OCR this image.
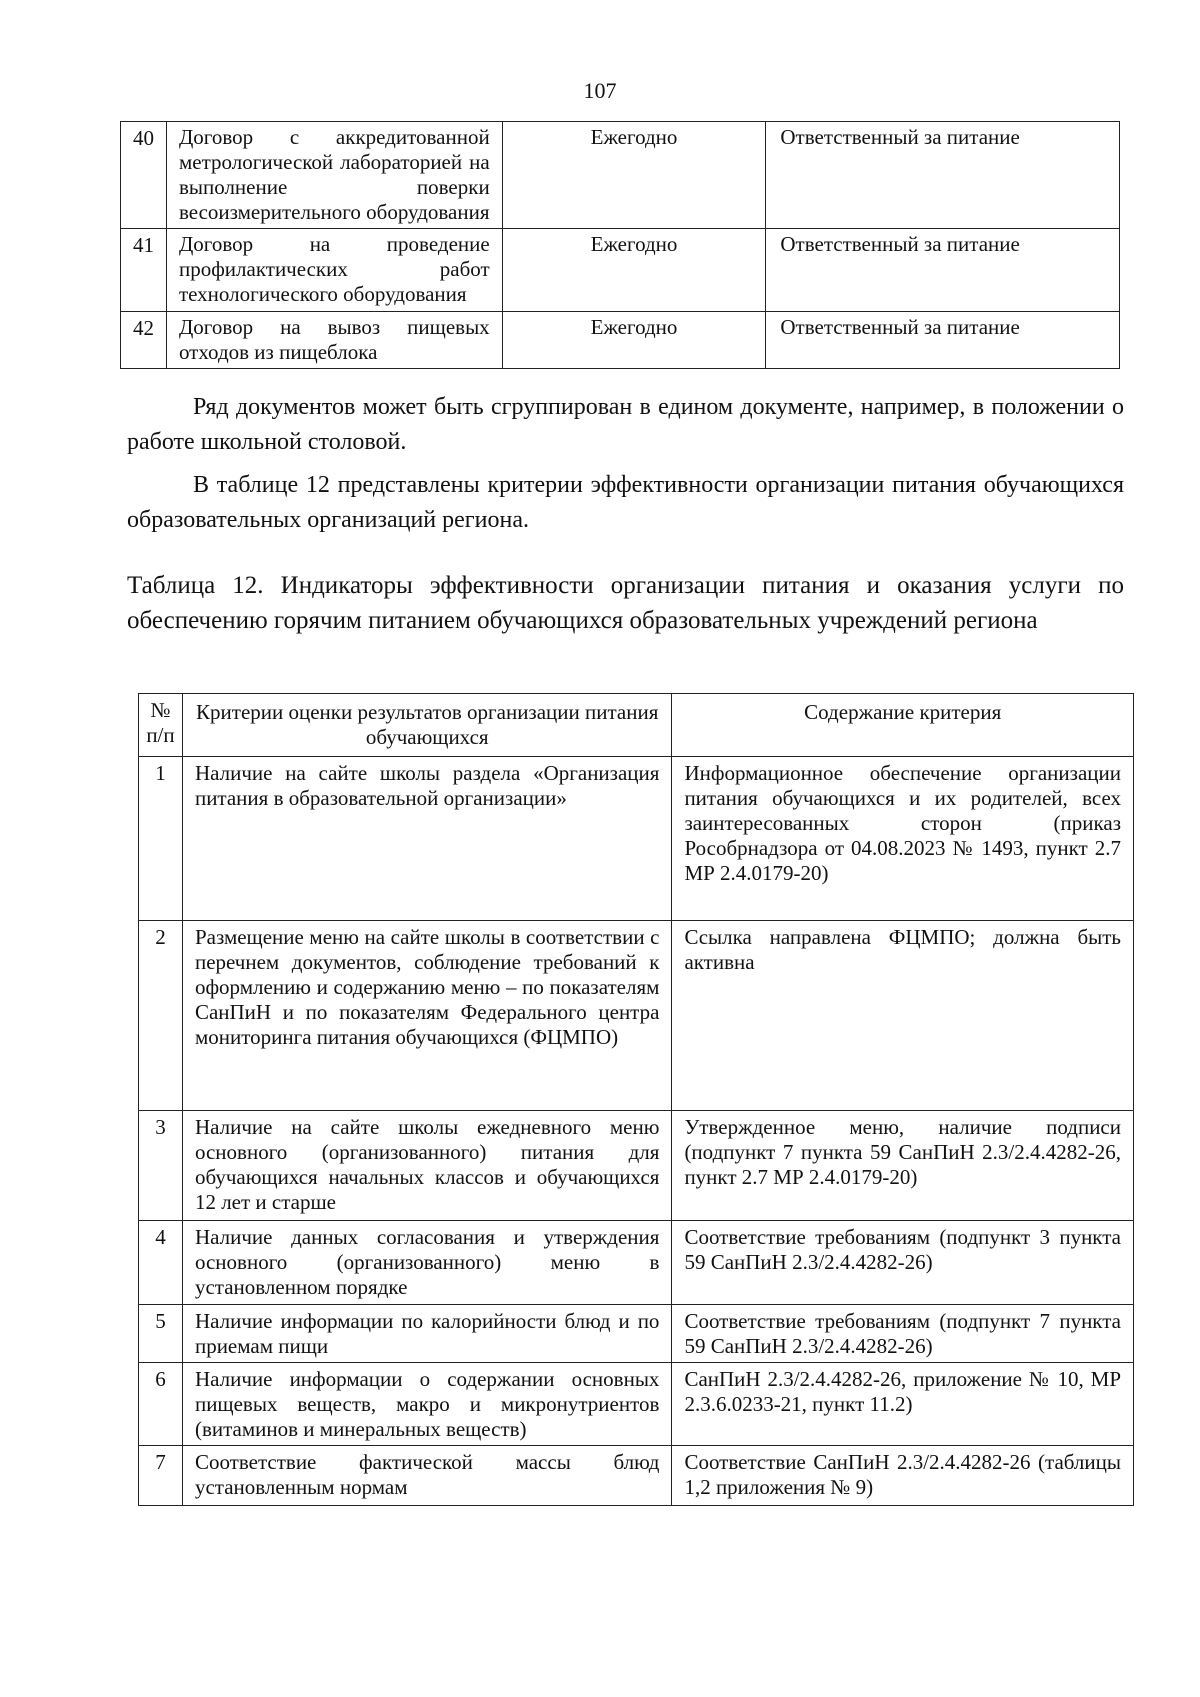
107
40	Договор с аккредитованной метрологической лабораторией на выполнение поверки весоизмерительного оборудования	Ежегодно	Ответственный за питание
41	Договор на проведение профилактических работ технологического оборудования	Ежегодно	Ответственный за питание
42	Договор на вывоз пищевых отходов из пищеблока	Ежегодно	Ответственный за питание

Ряд документов может быть сгруппирован в едином документе, например, в положении о работе школьной столовой.

В таблице 12 представлены критерии эффективности организации питания обучающихся образовательных организаций региона.

Таблица 12. Индикаторы эффективности организации питания и оказания услуги по обеспечению горячим питанием обучающихся образовательных учреждений региона

№ п/п	Критерии оценки результатов организации питания обучающихся	Содержание критерия
1	Наличие на сайте школы раздела «Организация питания в образовательной организации»	Информационное обеспечение организации питания обучающихся и их родителей, всех заинтересованных сторон (приказ Рособрнадзора от 04.08.2023 № 1493, пункт 2.7 МР 2.4.0179-20)
2	Размещение меню на сайте школы в соответствии с перечнем документов, соблюдение требований к оформлению и содержанию меню – по показателям СанПиН и по показателям Федерального центра мониторинга питания обучающихся (ФЦМПО)	Ссылка направлена ФЦМПО; должна быть активна
3	Наличие на сайте школы ежедневного меню основного (организованного) питания для обучающихся начальных классов и обучающихся 12 лет и старше	Утвержденное меню, наличие подписи (подпункт 7 пункта 59 СанПиН 2.3/2.4.4282-26, пункт 2.7 МР 2.4.0179-20)
4	Наличие данных согласования и утверждения основного (организованного) меню в установленном порядке	Соответствие требованиям (подпункт 3 пункта 59 СанПиН 2.3/2.4.4282-26)
5	Наличие информации по калорийности блюд и по приемам пищи	Соответствие требованиям (подпункт 7 пункта 59 СанПиН 2.3/2.4.4282-26)
6	Наличие информации о содержании основных пищевых веществ, макро и микронутриентов (витаминов и минеральных веществ)	СанПиН 2.3/2.4.4282-26, приложение № 10, МР 2.3.6.0233-21, пункт 11.2)
7	Соответствие фактической массы блюд установленным нормам	Соответствие СанПиН 2.3/2.4.4282-26 (таблицы 1,2 приложения № 9)
